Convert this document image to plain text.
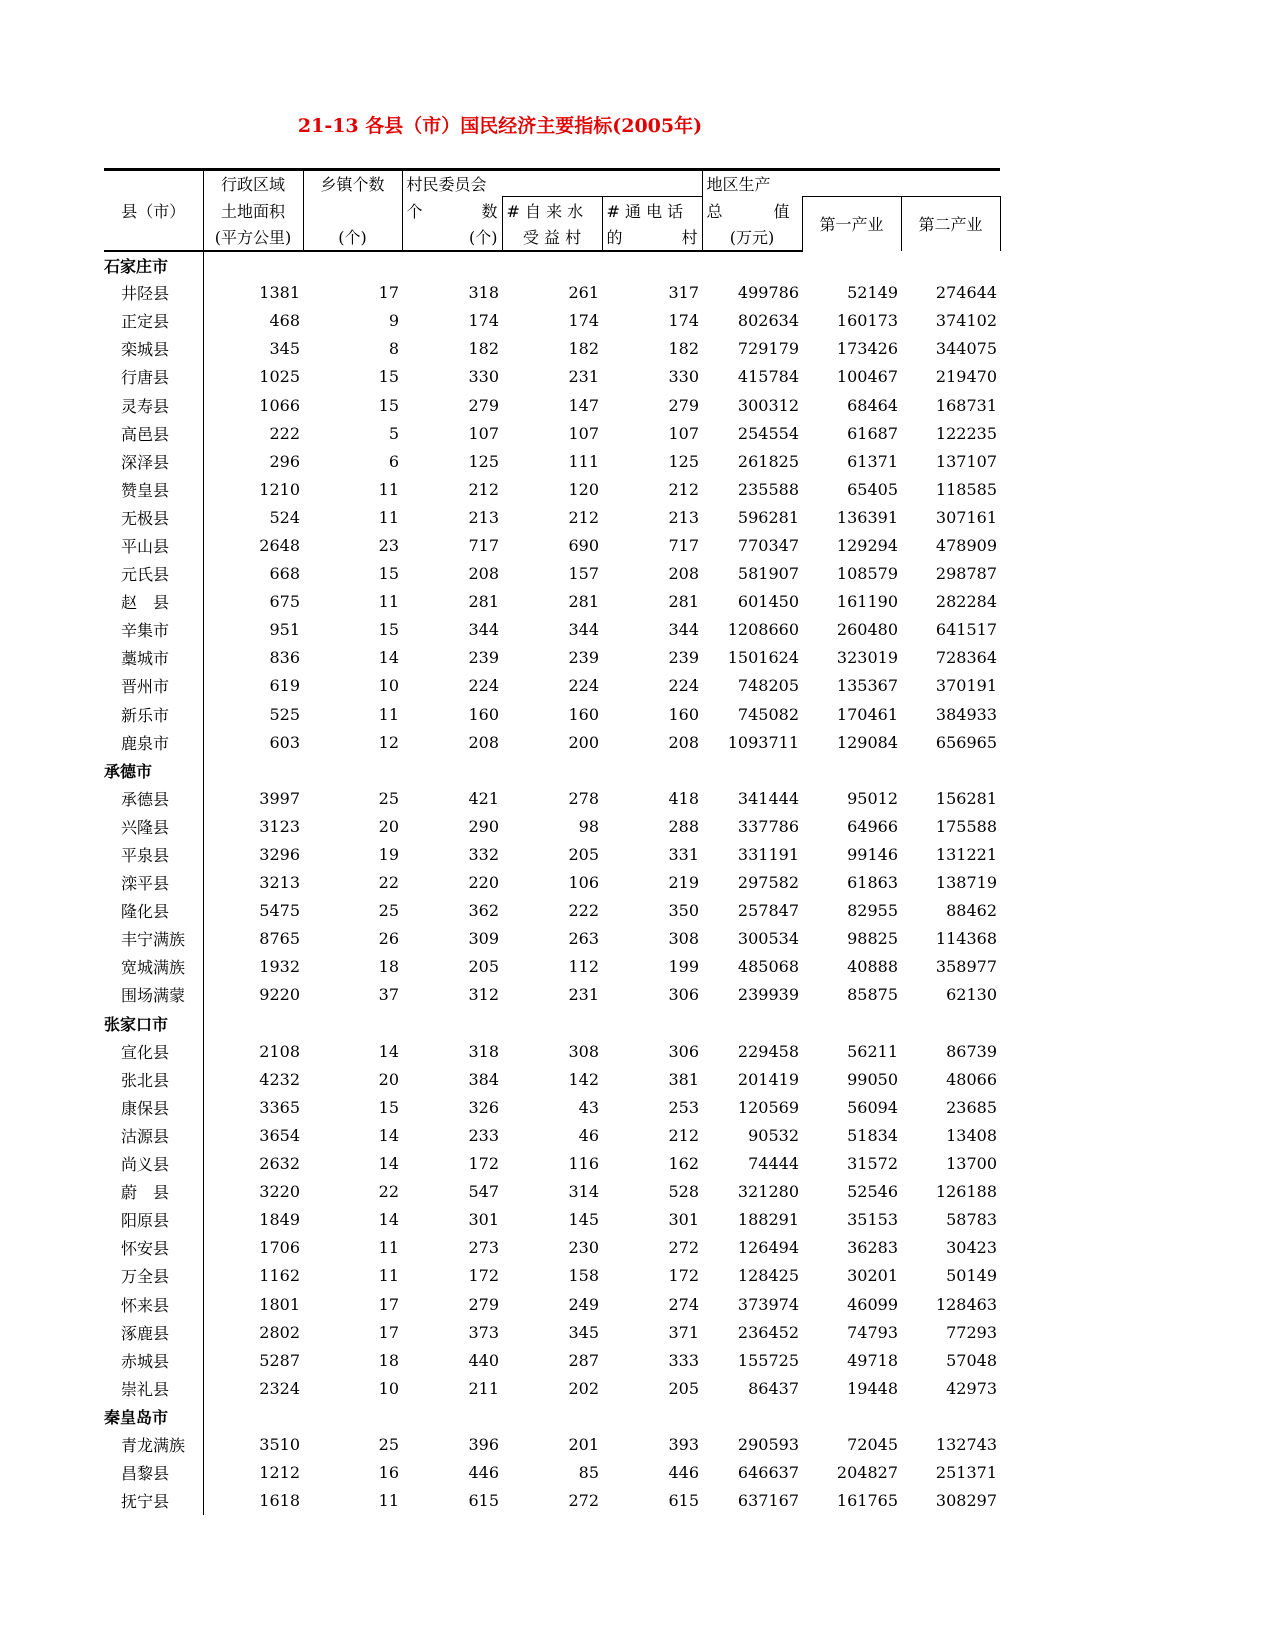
21-13 各县（市）国民经济主要指标(2005年)
	行政区域	乡镇个数	村民委员会			地区生产		
县（市）	土地面积		个 数	# 自 来 水	# 通 电 话	总 值	第一产业	第二产业
	(平方公里)	(个)	(个)	受 益 村	的 村	(万元)		
石家庄市								
井陉县	1381	17	318	261	317	499786	52149	274644
正定县	468	9	174	174	174	802634	160173	374102
栾城县	345	8	182	182	182	729179	173426	344075
行唐县	1025	15	330	231	330	415784	100467	219470
灵寿县	1066	15	279	147	279	300312	68464	168731
高邑县	222	5	107	107	107	254554	61687	122235
深泽县	296	6	125	111	125	261825	61371	137107
赞皇县	1210	11	212	120	212	235588	65405	118585
无极县	524	11	213	212	213	596281	136391	307161
平山县	2648	23	717	690	717	770347	129294	478909
元氏县	668	15	208	157	208	581907	108579	298787
赵　县	675	11	281	281	281	601450	161190	282284
辛集市	951	15	344	344	344	1208660	260480	641517
藁城市	836	14	239	239	239	1501624	323019	728364
晋州市	619	10	224	224	224	748205	135367	370191
新乐市	525	11	160	160	160	745082	170461	384933
鹿泉市	603	12	208	200	208	1093711	129084	656965
承德市								
承德县	3997	25	421	278	418	341444	95012	156281
兴隆县	3123	20	290	98	288	337786	64966	175588
平泉县	3296	19	332	205	331	331191	99146	131221
滦平县	3213	22	220	106	219	297582	61863	138719
隆化县	5475	25	362	222	350	257847	82955	88462
丰宁满族	8765	26	309	263	308	300534	98825	114368
宽城满族	1932	18	205	112	199	485068	40888	358977
围场满蒙	9220	37	312	231	306	239939	85875	62130
张家口市								
宣化县	2108	14	318	308	306	229458	56211	86739
张北县	4232	20	384	142	381	201419	99050	48066
康保县	3365	15	326	43	253	120569	56094	23685
沽源县	3654	14	233	46	212	90532	51834	13408
尚义县	2632	14	172	116	162	74444	31572	13700
蔚　县	3220	22	547	314	528	321280	52546	126188
阳原县	1849	14	301	145	301	188291	35153	58783
怀安县	1706	11	273	230	272	126494	36283	30423
万全县	1162	11	172	158	172	128425	30201	50149
怀来县	1801	17	279	249	274	373974	46099	128463
涿鹿县	2802	17	373	345	371	236452	74793	77293
赤城县	5287	18	440	287	333	155725	49718	57048
崇礼县	2324	10	211	202	205	86437	19448	42973
秦皇岛市								
青龙满族	3510	25	396	201	393	290593	72045	132743
昌黎县	1212	16	446	85	446	646637	204827	251371
抚宁县	1618	11	615	272	615	637167	161765	308297
